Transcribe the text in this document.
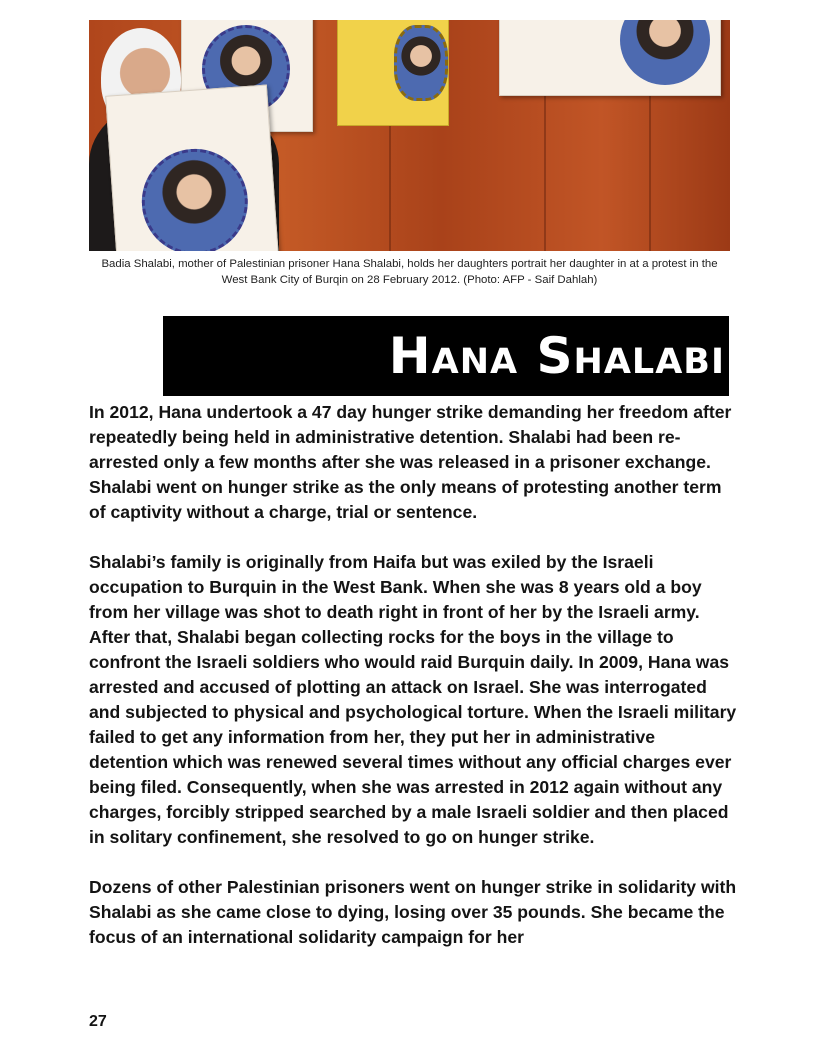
Badia Shalabi, mother of Palestinian prisoner Hana Shalabi, holds her daughters portrait her daughter in at a protest in the West Bank City of Burqin on 28 February 2012. (Photo: AFP - Saif Dahlah)
Hana Shalabi

In 2012, Hana undertook a 47 day hunger strike demanding her freedom after repeatedly being held in administrative detention. Shalabi had been re-arrested only a few months after she was released in a prisoner exchange. Shalabi went on hunger strike as the only means of protesting another term of captivity without a charge, trial or sentence.

Shalabi’s family is originally from Haifa but was exiled by the Israeli occupation to Burquin in the West Bank. When she was 8 years old a boy from her village was shot to death right in front of her by the Israeli army. After that, Shalabi began collecting rocks for the boys in the village to confront the Israeli soldiers who would raid Burquin daily. In 2009, Hana was arrested and accused of plotting an attack on Israel. She was interrogated and subjected to physical and psychological torture. When the Israeli military failed to get any information from her, they put her in administrative detention which was renewed several times without any official charges ever being filed. Consequently, when she was arrested in 2012 again without any charges, forcibly stripped searched by a male Israeli soldier and then placed in solitary confinement, she resolved to go on hunger strike.

Dozens of other Palestinian prisoners went on hunger strike in solidarity with Shalabi as she came close to dying, losing over 35 pounds. She became the focus of an international solidarity campaign for her

27
